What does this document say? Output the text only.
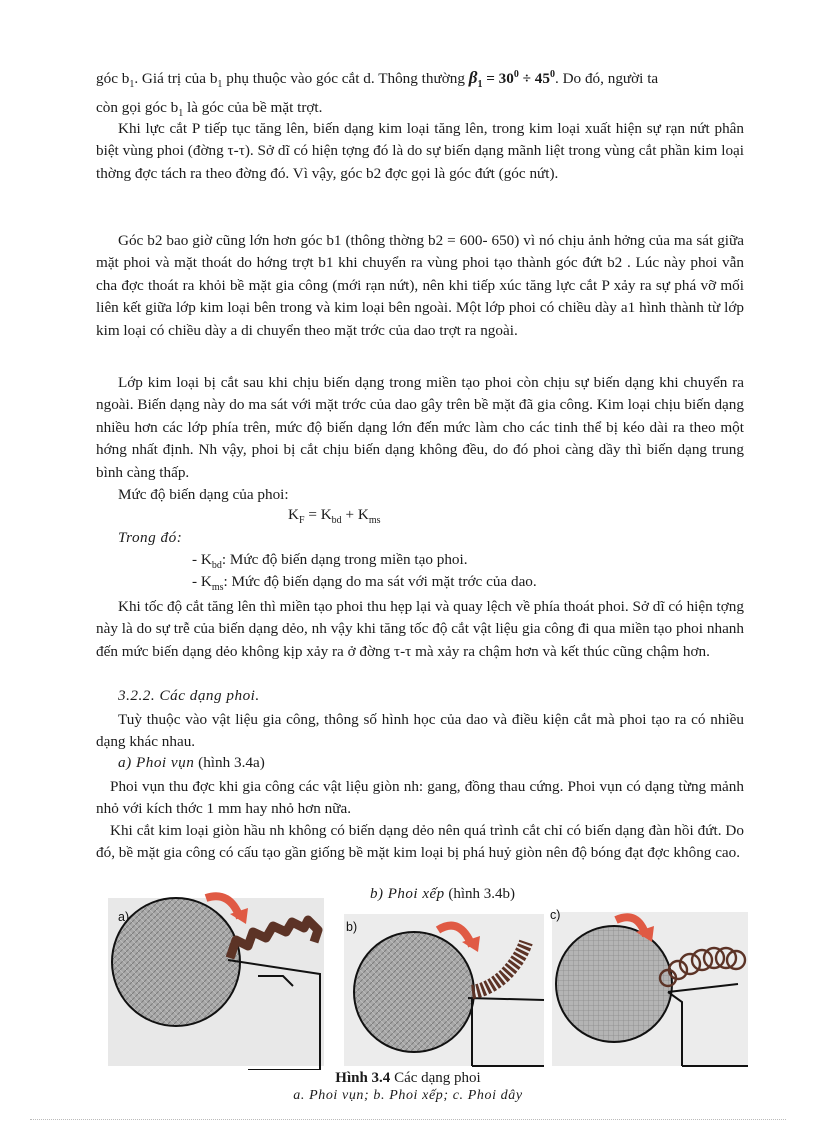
góc $b_1$. Giá trị của $b_1$ phụ thuộc vào góc cắt d. Thông thường $\beta_1 = 30^0 \div 45^0$. Do đó, người ta
còn gọi góc $b_1$ là góc của bề mặt trợt.

Khi lực cắt P tiếp tục tăng lên, biến dạng kim loại tăng lên, trong kim loại xuất hiện sự rạn nứt phân biệt vùng phoi (đờng τ-τ). Sở dĩ có hiện tợng đó là do sự biến dạng mãnh liệt trong vùng cắt phần kim loại thờng đợc tách ra theo đờng đó. Vì vậy, góc b2 đợc gọi là góc đứt (góc nứt).

Góc b2 bao giờ cũng lớn hơn góc b1 (thông thờng b2 = 600- 650) vì nó chịu ảnh hởng của ma sát giữa mặt phoi và mặt thoát do hớng trợt b1 khi chuyển ra vùng phoi tạo thành góc đứt b2 . Lúc này phoi vẫn cha đợc thoát ra khỏi bề mặt gia công (mới rạn nứt), nên khi tiếp xúc tăng lực cắt P xảy ra sự phá vỡ mối liên kết giữa lớp kim loại bên trong và kim loại bên ngoài. Một lớp phoi có chiều dày a1 hình thành từ lớp kim loại có chiều dày a di chuyển theo mặt trớc của dao trợt ra ngoài.

Lớp kim loại bị cắt sau khi chịu biến dạng trong miền tạo phoi còn chịu sự biến dạng khi chuyển ra ngoài. Biến dạng này do ma sát với mặt trớc của dao gây trên bề mặt đã gia công. Kim loại chịu biến dạng nhiều hơn các lớp phía trên, mức độ biến dạng lớn đến mức làm cho các tinh thể bị kéo dài ra theo một hớng nhất định. Nh vậy, phoi bị cắt chịu biến dạng không đều, do đó phoi càng dầy thì biến dạng trung bình càng thấp.

Mức độ biến dạng của phoi:

$K_F = K_{bd} + K_{ms}$
Trong đó:
- $K_{bd}$: Mức độ biến dạng trong miền tạo phoi.
- $K_{ms}$: Mức độ biến dạng do ma sát với mặt trớc của dao.

Khi tốc độ cắt tăng lên thì miền tạo phoi thu hẹp lại và quay lệch về phía thoát phoi. Sở dĩ có hiện tợng này là do sự trễ của biến dạng dẻo, nh vậy khi tăng tốc độ cắt vật liệu gia công đi qua miền tạo phoi nhanh đến mức biến dạng dẻo không kịp xảy ra ở đờng τ-τ mà xảy ra chậm hơn và kết thúc cũng chậm hơn.

3.2.2. Các dạng phoi.

Tuỳ thuộc vào vật liệu gia công, thông số hình học của dao và điều kiện cắt mà phoi tạo ra có nhiều dạng khác nhau.

a) Phoi vụn (hình 3.4a)

Phoi vụn thu đợc khi gia công các vật liệu giòn nh: gang, đồng thau cứng. Phoi vụn có dạng từng mảnh nhỏ với kích thớc 1 mm hay nhỏ hơn nữa.

Khi cắt kim loại giòn hầu nh không có biến dạng dẻo nên quá trình cắt chỉ có biến dạng đàn hồi đứt. Do đó, bề mặt gia công có cấu tạo gần giống bề mặt kim loại bị phá huỷ giòn nên độ bóng đạt đợc không cao.

b) Phoi xếp (hình 3.4b)
a)
b)
c)
Hình 3.4 Các dạng phoi
a. Phoi vụn; b. Phoi xếp; c. Phoi dây
